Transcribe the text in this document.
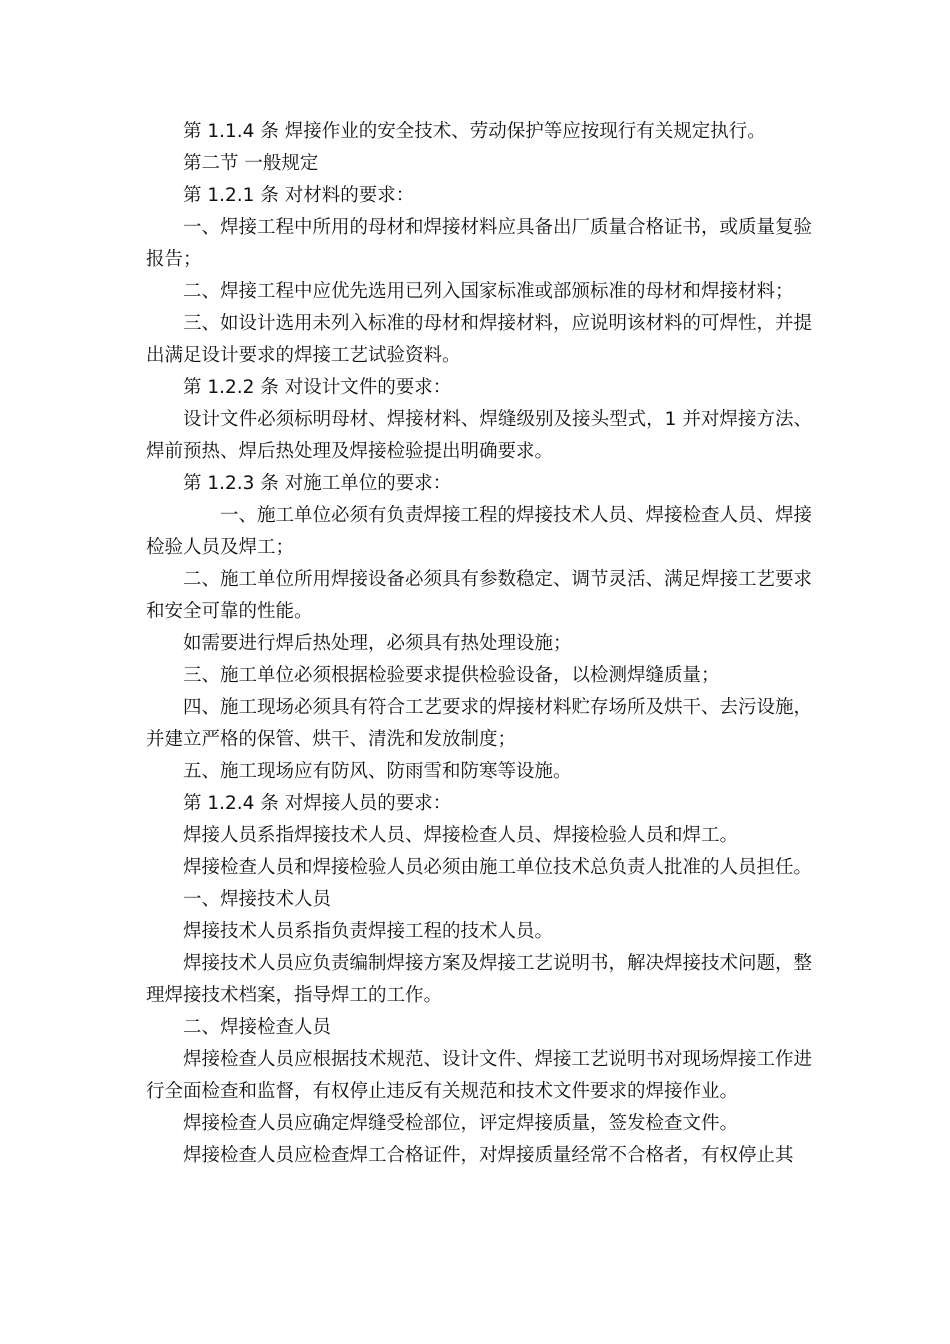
第 1.1.4 条 焊接作业的安全技术、劳动保护等应按现行有关规定执行。

第二节 一般规定

第 1.2.1 条 对材料的要求：

一、焊接工程中所用的母材和焊接材料应具备出厂质量合格证书，或质量复验报告；

二、焊接工程中应优先选用已列入国家标准或部颁标准的母材和焊接材料；

三、如设计选用未列入标准的母材和焊接材料，应说明该材料的可焊性，并提出满足设计要求的焊接工艺试验资料。

第 1.2.2 条 对设计文件的要求：

设计文件必须标明母材、焊接材料、焊缝级别及接头型式，1 并对焊接方法、焊前预热、焊后热处理及焊接检验提出明确要求。

第 1.2.3 条 对施工单位的要求：

一、施工单位必须有负责焊接工程的焊接技术人员、焊接检查人员、焊接检验人员及焊工；

二、施工单位所用焊接设备必须具有参数稳定、调节灵活、满足焊接工艺要求和安全可靠的性能。

如需要进行焊后热处理，必须具有热处理设施；

三、施工单位必须根据检验要求提供检验设备，以检测焊缝质量；

四、施工现场必须具有符合工艺要求的焊接材料贮存场所及烘干、去污设施，并建立严格的保管、烘干、清洗和发放制度；

五、施工现场应有防风、防雨雪和防寒等设施。

第 1.2.4 条 对焊接人员的要求：

焊接人员系指焊接技术人员、焊接检查人员、焊接检验人员和焊工。

焊接检查人员和焊接检验人员必须由施工单位技术总负责人批准的人员担任。

一、焊接技术人员

焊接技术人员系指负责焊接工程的技术人员。

焊接技术人员应负责编制焊接方案及焊接工艺说明书，解决焊接技术问题，整理焊接技术档案，指导焊工的工作。

二、焊接检查人员

焊接检查人员应根据技术规范、设计文件、焊接工艺说明书对现场焊接工作进行全面检查和监督，有权停止违反有关规范和技术文件要求的焊接作业。

焊接检查人员应确定焊缝受检部位，评定焊接质量，签发检查文件。

焊接检查人员应检查焊工合格证件，对焊接质量经常不合格者，有权停止其
